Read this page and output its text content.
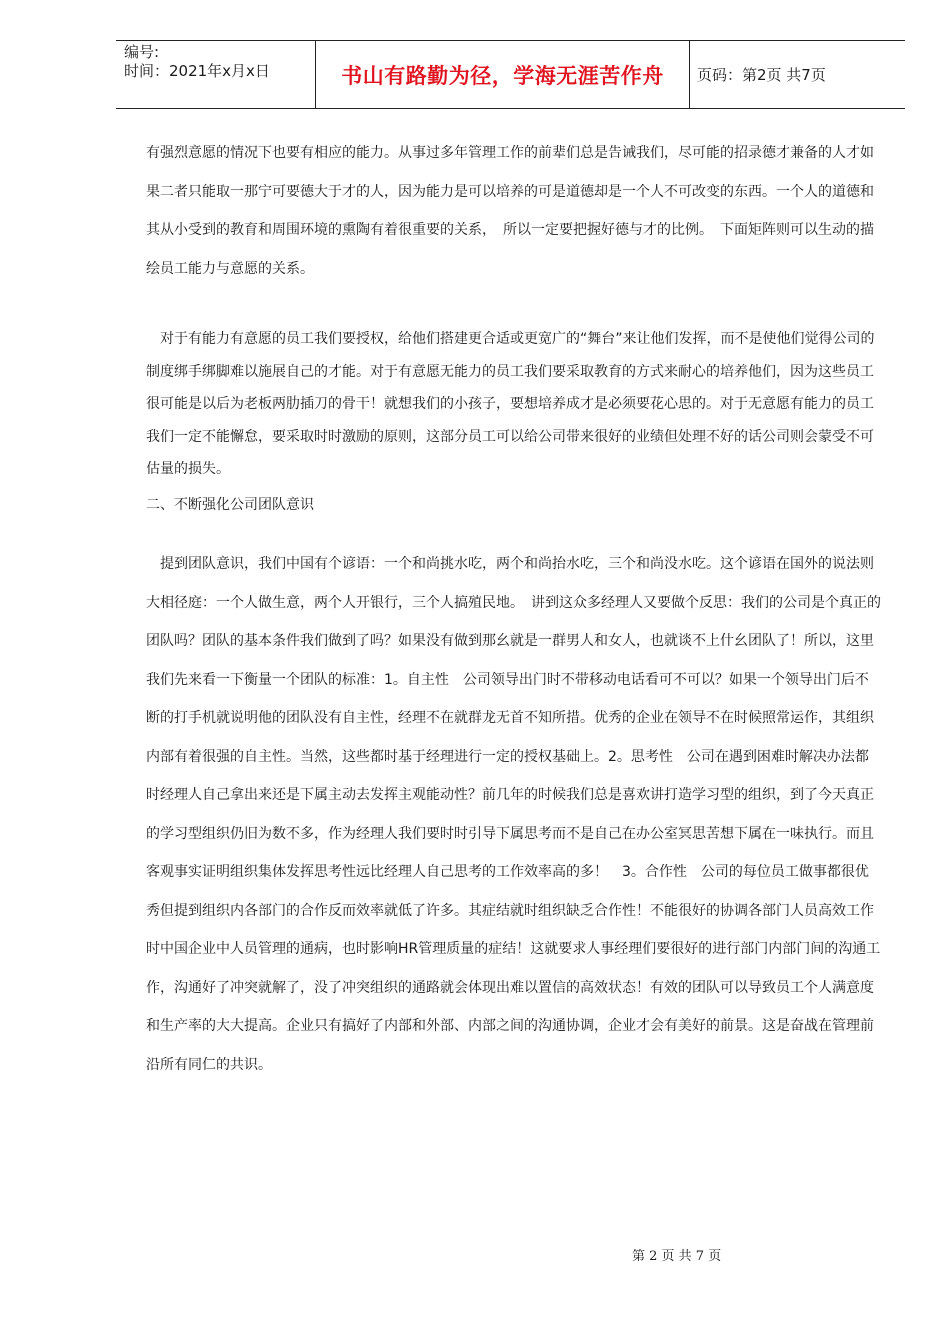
编号:
时间：2021年x月x日	书山有路勤为径，学海无涯苦作舟 页码：第2页 共7页

有强烈意愿的情况下也要有相应的能力。从事过多年管理工作的前辈们总是告诫我们，尽可能的招录德才兼备的人才如果二者只能取一那宁可要德大于才的人，因为能力是可以培养的可是道德却是一个人不可改变的东西。一个人的道德和其从小受到的教育和周围环境的熏陶有着很重要的关系，　所以一定要把握好德与才的比例。　下面矩阵则可以生动的描绘员工能力与意愿的关系。

　对于有能力有意愿的员工我们要授权，给他们搭建更合适或更宽广的“舞台”来让他们发挥，而不是使他们觉得公司的制度绑手绑脚难以施展自己的才能。对于有意愿无能力的员工我们要采取教育的方式来耐心的培养他们，因为这些员工很可能是以后为老板两肋插刀的骨干！就想我们的小孩子，要想培养成才是必须要花心思的。对于无意愿有能力的员工我们一定不能懈怠，要采取时时激励的原则，这部分员工可以给公司带来很好的业绩但处理不好的话公司则会蒙受不可估量的损失。

二、不断强化公司团队意识

　提到团队意识，我们中国有个谚语：一个和尚挑水吃，两个和尚抬水吃，三个和尚没水吃。这个谚语在国外的说法则大相径庭：一个人做生意，两个人开银行，三个人搞殖民地。　讲到这众多经理人又要做个反思：我们的公司是个真正的团队吗？团队的基本条件我们做到了吗？如果没有做到那幺就是一群男人和女人，也就谈不上什幺团队了！所以，这里我们先来看一下衡量一个团队的标准：1。自主性　公司领导出门时不带移动电话看可不可以？如果一个领导出门后不断的打手机就说明他的团队没有自主性，经理不在就群龙无首不知所措。优秀的企业在领导不在时候照常运作，其组织内部有着很强的自主性。当然，这些都时基于经理进行一定的授权基础上。2。思考性　公司在遇到困难时解决办法都时经理人自己拿出来还是下属主动去发挥主观能动性？前几年的时候我们总是喜欢讲打造学习型的组织，到了今天真正的学习型组织仍旧为数不多，作为经理人我们要时时引导下属思考而不是自己在办公室冥思苦想下属在一味执行。而且客观事实证明组织集体发挥思考性远比经理人自己思考的工作效率高的多！　3。合作性　公司的每位员工做事都很优秀但提到组织内各部门的合作反而效率就低了许多。其症结就时组织缺乏合作性！不能很好的协调各部门人员高效工作时中国企业中人员管理的通病，也时影响HR管理质量的症结！这就要求人事经理们要很好的进行部门内部门间的沟通工作，沟通好了冲突就解了，没了冲突组织的通路就会体现出难以置信的高效状态！有效的团队可以导致员工个人满意度和生产率的大大提高。企业只有搞好了内部和外部、内部之间的沟通协调，企业才会有美好的前景。这是奋战在管理前沿所有同仁的共识。

第 2 页 共 7 页
